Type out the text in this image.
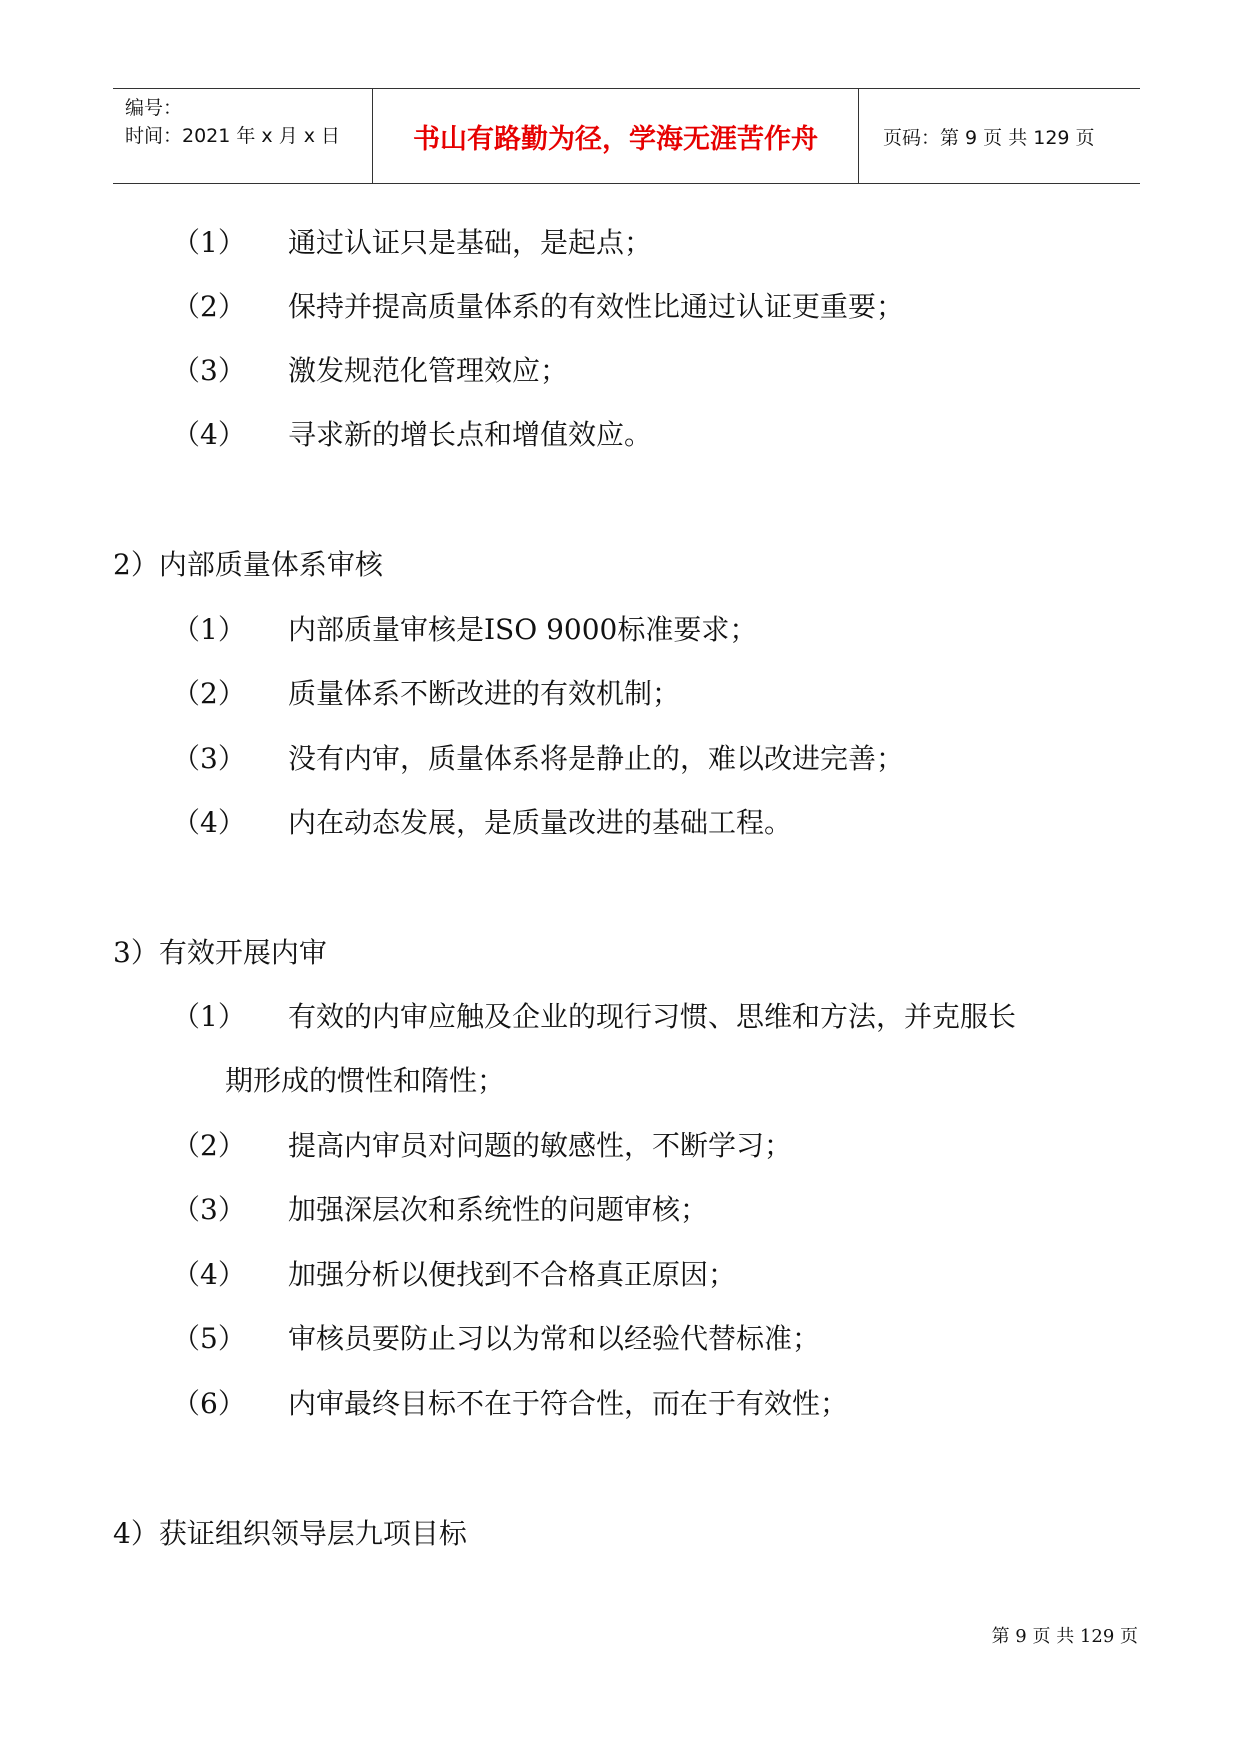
编号：
时间：2021 年 x 月 x 日	书山有路勤为径，学海无涯苦作舟	页码：第 9 页 共 129 页
（1） 通过认证只是基础，是起点；
（2） 保持并提高质量体系的有效性比通过认证更重要；
（3） 激发规范化管理效应；
（4） 寻求新的增长点和增值效应。
2）内部质量体系审核
（1） 内部质量审核是ISO 9000标准要求；
（2） 质量体系不断改进的有效机制；
（3） 没有内审，质量体系将是静止的，难以改进完善；
（4） 内在动态发展，是质量改进的基础工程。
3）有效开展内审
（1） 有效的内审应触及企业的现行习惯、思维和方法，并克服长
期形成的惯性和隋性；
（2） 提高内审员对问题的敏感性，不断学习；
（3） 加强深层次和系统性的问题审核；
（4） 加强分析以便找到不合格真正原因；
（5） 审核员要防止习以为常和以经验代替标准；
（6） 内审最终目标不在于符合性，而在于有效性；
4）获证组织领导层九项目标
第 9 页 共 129 页
